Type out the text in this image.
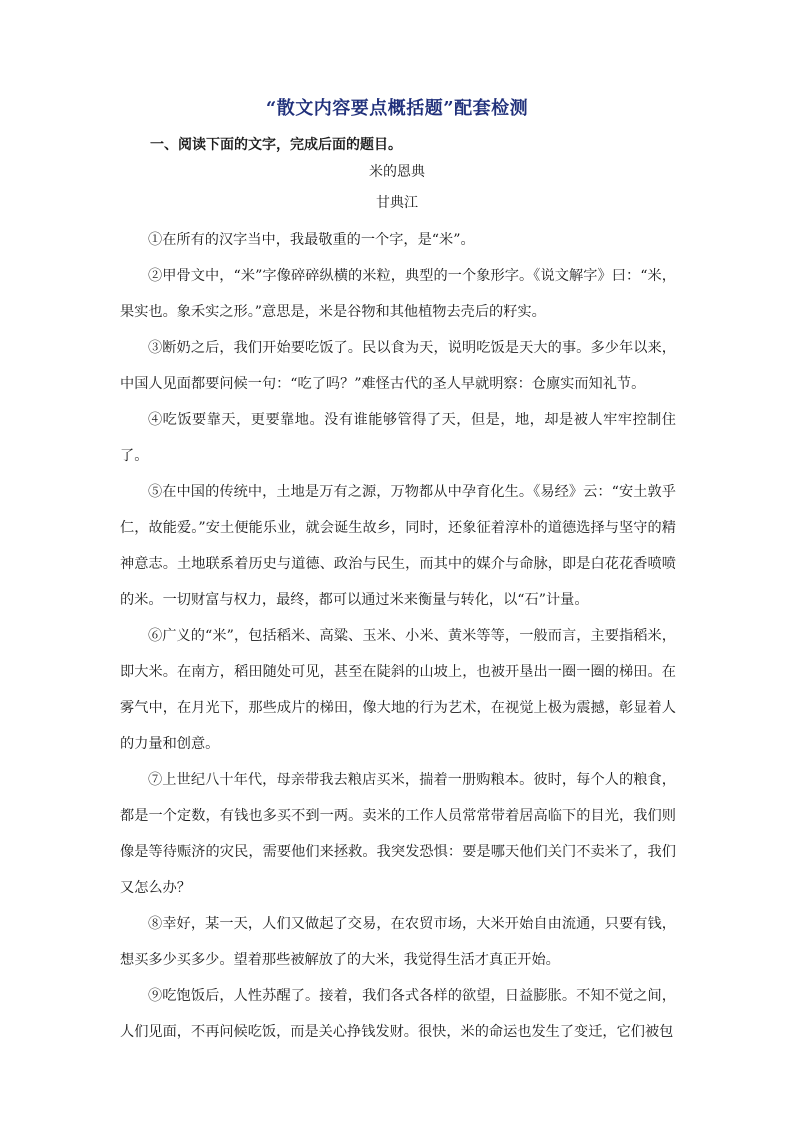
“散文内容要点概括题”配套检测
一、阅读下面的文字，完成后面的题目。
米的恩典
甘典江

①在所有的汉字当中，我最敬重的一个字，是“米”。

②甲骨文中，“米”字像碎碎纵横的米粒，典型的一个象形字。《说文解字》曰：“米，果实也。象禾实之形。”意思是，米是谷物和其他植物去壳后的籽实。

③断奶之后，我们开始要吃饭了。民以食为天，说明吃饭是天大的事。多少年以来，中国人见面都要问候一句：“吃了吗？”难怪古代的圣人早就明察：仓廪实而知礼节。

④吃饭要靠天，更要靠地。没有谁能够管得了天，但是，地，却是被人牢牢控制住了。

⑤在中国的传统中，土地是万有之源，万物都从中孕育化生。《易经》云：“安土敦乎仁，故能爱。”安土便能乐业，就会诞生故乡，同时，还象征着淳朴的道德选择与坚守的精神意志。土地联系着历史与道德、政治与民生，而其中的媒介与命脉，即是白花花香喷喷的米。一切财富与权力，最终，都可以通过米来衡量与转化，以“石”计量。

⑥广义的“米”，包括稻米、高粱、玉米、小米、黄米等等，一般而言，主要指稻米，即大米。在南方，稻田随处可见，甚至在陡斜的山坡上，也被开垦出一圈一圈的梯田。在雾气中，在月光下，那些成片的梯田，像大地的行为艺术，在视觉上极为震撼，彰显着人的力量和创意。

⑦上世纪八十年代，母亲带我去粮店买米，揣着一册购粮本。彼时，每个人的粮食，都是一个定数，有钱也多买不到一两。卖米的工作人员常常带着居高临下的目光，我们则像是等待赈济的灾民，需要他们来拯救。我突发恐惧：要是哪天他们关门不卖米了，我们又怎么办？

⑧幸好，某一天，人们又做起了交易，在农贸市场，大米开始自由流通，只要有钱，想买多少买多少。望着那些被解放了的大米，我觉得生活才真正开始。

⑨吃饱饭后，人性苏醒了。接着，我们各式各样的欲望，日益膨胀。不知不觉之间，人们见面，不再问候吃饭，而是关心挣钱发财。很快，米的命运也发生了变迁，它们被包
